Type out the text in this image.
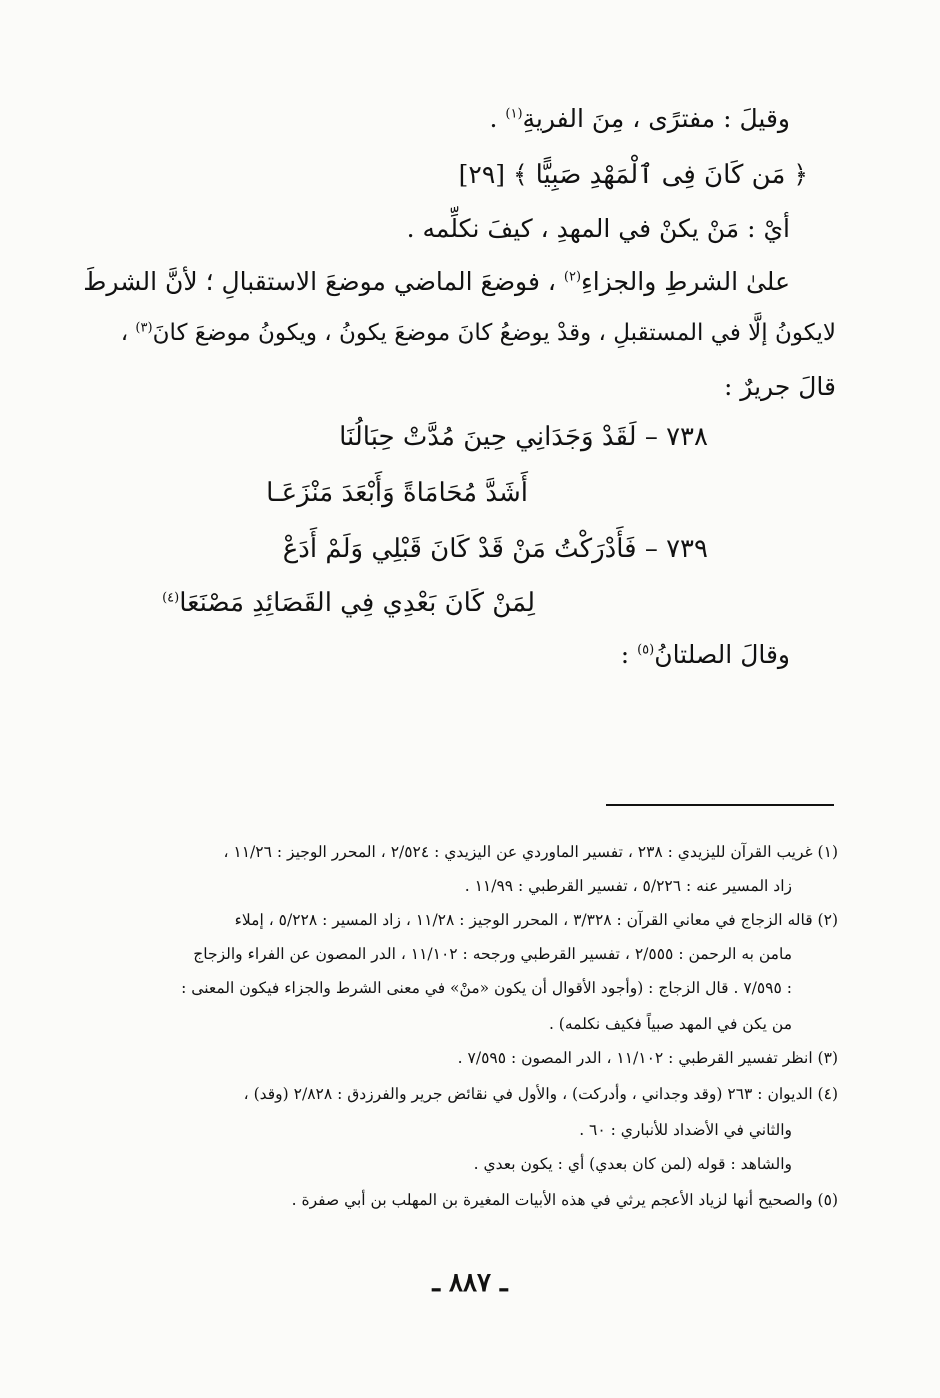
وقيلَ : مفترًى ، مِنَ الفريةِ$^{(١)}$ .
﴿ مَن كَانَ فِى ٱلْمَهْدِ صَبِيًّا ﴾ [٢٩]
أيْ : مَنْ يكنْ في المهدِ ، كيفَ نكلِّمه .
علىٰ الشرطِ والجزاءِ$^{(٢)}$ ، فوضعَ الماضي موضعَ الاستقبالِ ؛ لأنَّ الشرطَ
لايكونُ إلَّا في المستقبلِ ، وقدْ يوضعُ كانَ موضعَ يكونُ ، ويكونُ موضعَ كانَ$^{(٣)}$ ،
قالَ جريرٌ :
٧٣٨ – لَقَدْ وَجَدَانِي حِينَ مُدَّتْ حِبَالُنَا
أَشَدَّ مُحَامَاةً وَأَبْعَدَ مَنْزَعَـا
٧٣٩ – فَأَدْرَكْتُ مَنْ قَدْ كَانَ قَبْلِي وَلَمْ أَدَعْ
لِمَنْ كَانَ بَعْدِي فِي القَصَائِدِ مَصْنَعَا$^{(٤)}$
وقالَ الصلتانُ$^{(٥)}$ :
(١) غريب القرآن لليزيدي : ٢٣٨ ، تفسير الماوردي عن اليزيدي : ٢/٥٢٤ ، المحرر الوجيز : ١١/٢٦ ،
زاد المسير عنه : ٥/٢٢٦ ، تفسير القرطبي : ١١/٩٩ .
(٢) قاله الزجاج في معاني القرآن : ٣/٣٢٨ ، المحرر الوجيز : ١١/٢٨ ، زاد المسير : ٥/٢٢٨ ، إملاء
مامن به الرحمن : ٢/٥٥٥ ، تفسير القرطبي ورجحه : ١١/١٠٢ ، الدر المصون عن الفراء والزجاج
: ٧/٥٩٥ . قال الزجاج : (وأجود الأقوال أن يكون «منْ» في معنى الشرط والجزاء فيكون المعنى :
من يكن في المهد صبياً فكيف نكلمه) .
(٣) انظر تفسير القرطبي : ١١/١٠٢ ، الدر المصون : ٧/٥٩٥ .
(٤) الديوان : ٢٦٣ (وقد وجداني ، وأدركت) ، والأول في نقائض جرير والفرزدق : ٢/٨٢٨ (وقد) ،
والثاني في الأضداد للأنباري : ٦٠ .
والشاهد : قوله (لمن كان بعدي) أي : يكون بعدي .
(٥) والصحيح أنها لزياد الأعجم يرثي في هذه الأبيات المغيرة بن المهلب بن أبي صفرة .
ـ ٨٨٧ ـ
